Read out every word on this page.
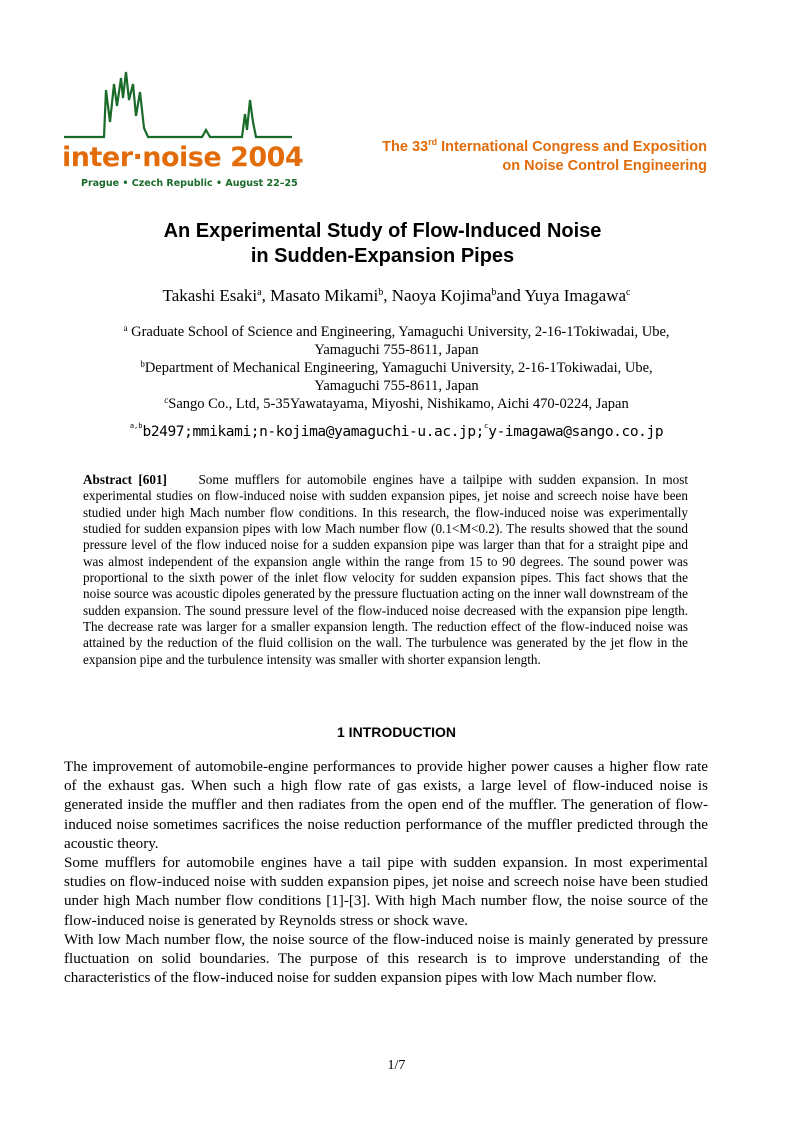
inter·noise 2004
Prague • Czech Republic • August 22–25
The 33rd International Congress and Exposition
on Noise Control Engineering
An Experimental Study of Flow-Induced Noise
in Sudden-Expansion Pipes
Takashi Esaki$^a$, Masato Mikami$^b$, Naoya Kojima$^b$and Yuya Imagawa$^c$
$^a$ Graduate School of Science and Engineering, Yamaguchi University, 2-16-1Tokiwadai, Ube,
Yamaguchi 755-8611, Japan
$^b$Department of Mechanical Engineering, Yamaguchi University, 2-16-1Tokiwadai, Ube,
Yamaguchi 755-8611, Japan
$^c$Sango Co., Ltd, 5-35Yawatayama, Miyoshi, Nishikamo, Aichi 470-0224, Japan
$^{a,b}$b2497;mmikami;n-kojima@yamaguchi-u.ac.jp;$^c$y-imagawa@sango.co.jp
Abstract [601] Some mufflers for automobile engines have a tailpipe with sudden expansion. In most experimental studies on flow-induced noise with sudden expansion pipes, jet noise and screech noise have been studied under high Mach number flow conditions. In this research, the flow-induced noise was experimentally studied for sudden expansion pipes with low Mach number flow (0.1<M<0.2). The results showed that the sound pressure level of the flow induced noise for a sudden expansion pipe was larger than that for a straight pipe and was almost independent of the expansion angle within the range from 15 to 90 degrees. The sound power was proportional to the sixth power of the inlet flow velocity for sudden expansion pipes. This fact shows that the noise source was acoustic dipoles generated by the pressure fluctuation acting on the inner wall downstream of the sudden expansion. The sound pressure level of the flow-induced noise decreased with the expansion pipe length. The decrease rate was larger for a smaller expansion length. The reduction effect of the flow-induced noise was attained by the reduction of the fluid collision on the wall. The turbulence was generated by the jet flow in the expansion pipe and the turbulence intensity was smaller with shorter expansion length.
1 INTRODUCTION

The improvement of automobile-engine performances to provide higher power causes a higher flow rate of the exhaust gas. When such a high flow rate of gas exists, a large level of flow-induced noise is generated inside the muffler and then radiates from the open end of the muffler. The generation of flow-induced noise sometimes sacrifices the noise reduction performance of the muffler predicted through the acoustic theory.

Some mufflers for automobile engines have a tail pipe with sudden expansion. In most experimental studies on flow-induced noise with sudden expansion pipes, jet noise and screech noise have been studied under high Mach number flow conditions [1]-[3]. With high Mach number flow, the noise source of the flow-induced noise is generated by Reynolds stress or shock wave.

With low Mach number flow, the noise source of the flow-induced noise is mainly generated by pressure fluctuation on solid boundaries. The purpose of this research is to improve understanding of the characteristics of the flow-induced noise for sudden expansion pipes with low Mach number flow.

1/7
